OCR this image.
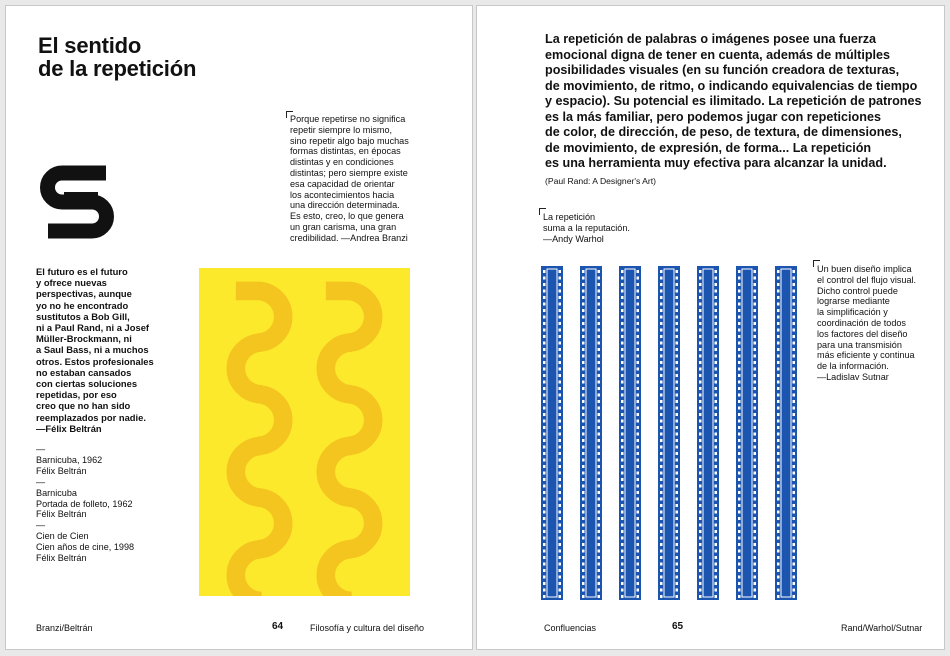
El sentido
de la repetición
Porque repetirse no significa
repetir siempre lo mismo,
sino repetir algo bajo muchas
formas distintas, en épocas
distintas y en condiciones
distintas; pero siempre existe
esa capacidad de orientar
los acontecimientos hacia
una dirección determinada.
Es esto, creo, lo que genera
un gran carisma, una gran
credibilidad. —Andrea Branzi
El futuro es el futuro
y ofrece nuevas
perspectivas, aunque
yo no he encontrado
sustitutos a Bob Gill,
ni a Paul Rand, ni a Josef
Müller-Brockmann, ni
a Saul Bass, ni a muchos
otros. Estos profesionales
no estaban cansados
con ciertas soluciones
repetidas, por eso
creo que no han sido
reemplazados por nadie.
—Félix Beltrán
—
Barnicuba, 1962
Félix Beltrán
—
Barnicuba
Portada de folleto, 1962
Félix Beltrán
—
Cien de Cien
Cien años de cine, 1998
Félix Beltrán
Branzi/Beltrán	64	Filosofía y cultura del diseño
La repetición de palabras o imágenes posee una fuerza
emocional digna de tener en cuenta, además de múltiples
posibilidades visuales (en su función creadora de texturas,
de movimiento, de ritmo, o indicando equivalencias de tiempo
y espacio). Su potencial es ilimitado. La repetición de patrones
es la más familiar, pero podemos jugar con repeticiones
de color, de dirección, de peso, de textura, de dimensiones,
de movimiento, de expresión, de forma... La repetición
es una herramienta muy efectiva para alcanzar la unidad.
(Paul Rand: A Designer's Art)
La repetición
suma a la reputación.
—Andy Warhol
Un buen diseño implica
el control del flujo visual.
Dicho control puede
lograrse mediante
la simplificación y
coordinación de todos
los factores del diseño
para una transmisión
más eficiente y continua
de la información.
—Ladislav Sutnar
Confluencias	65	Rand/Warhol/Sutnar
